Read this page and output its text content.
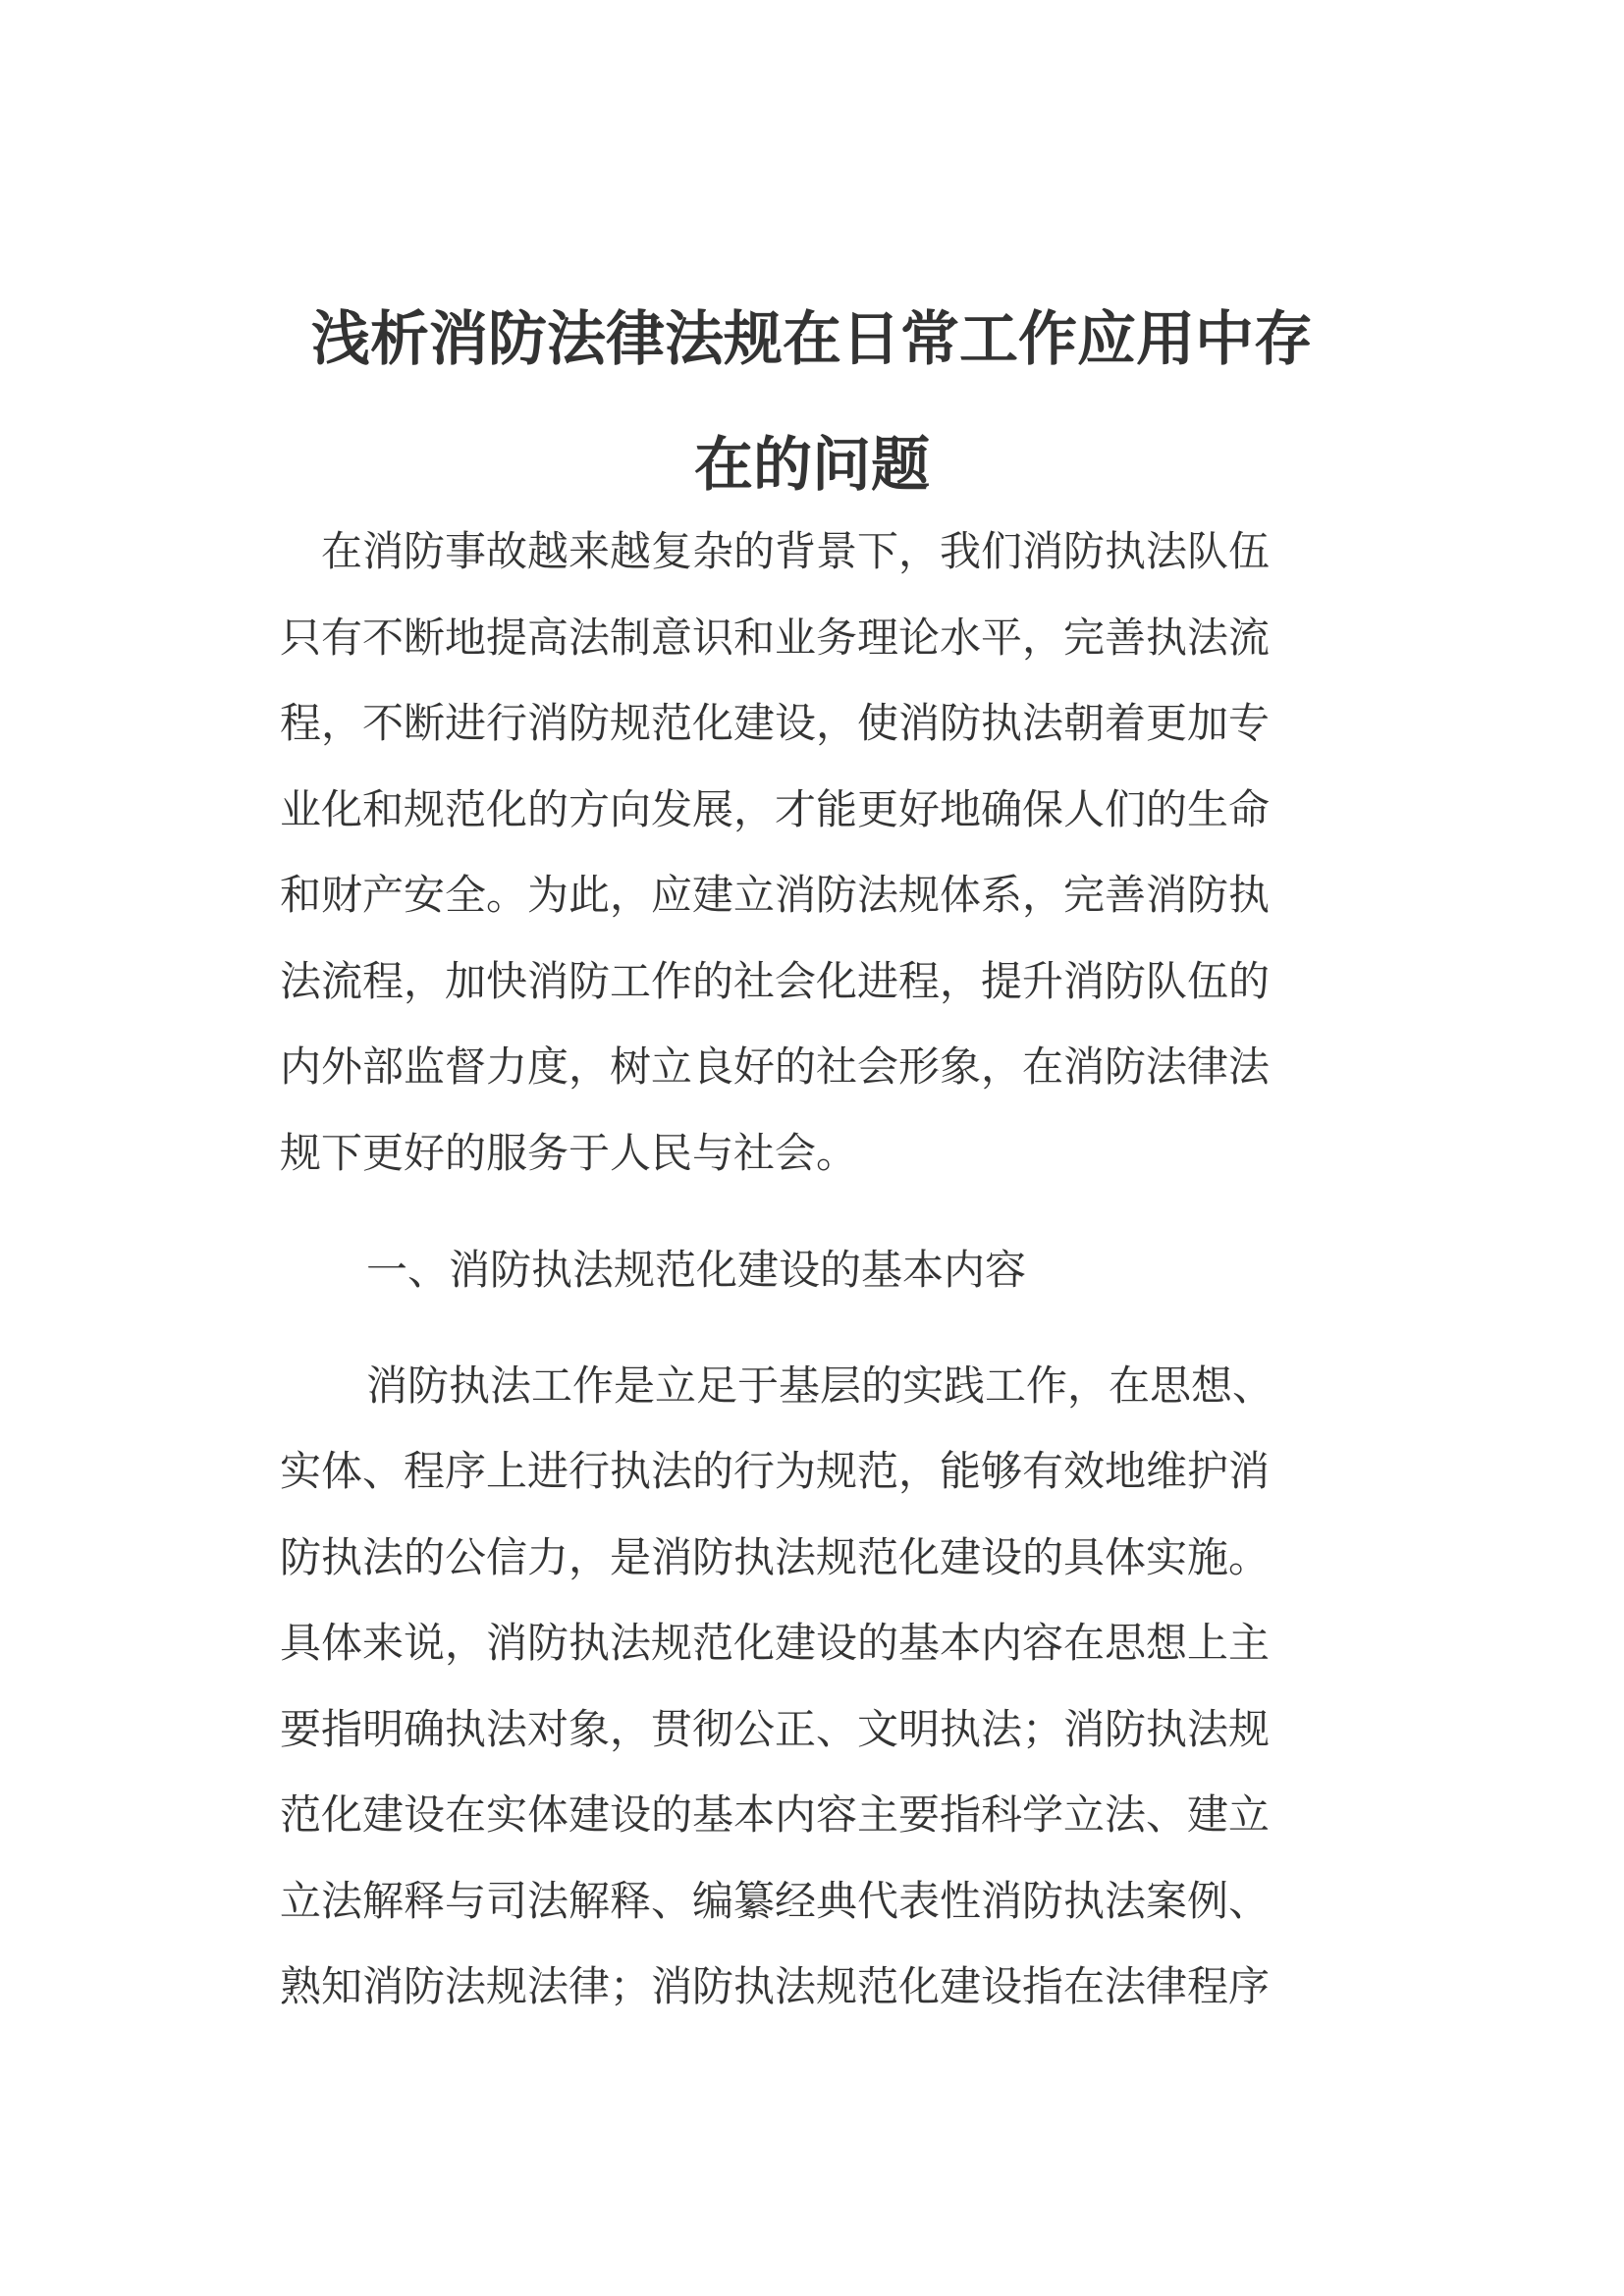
浅析消防法律法规在日常工作应用中存
在的问题

在消防事故越来越复杂的背景下，我们消防执法队伍
只有不断地提高法制意识和业务理论水平，完善执法流
程，不断进行消防规范化建设，使消防执法朝着更加专
业化和规范化的方向发展，才能更好地确保人们的生命
和财产安全。为此，应建立消防法规体系，完善消防执
法流程，加快消防工作的社会化进程，提升消防队伍的
内外部监督力度，树立良好的社会形象，在消防法律法
规下更好的服务于人民与社会。

一、消防执法规范化建设的基本内容

消防执法工作是立足于基层的实践工作，在思想、
实体、程序上进行执法的行为规范，能够有效地维护消
防执法的公信力，是消防执法规范化建设的具体实施。
具体来说，消防执法规范化建设的基本内容在思想上主
要指明确执法对象，贯彻公正、文明执法；消防执法规
范化建设在实体建设的基本内容主要指科学立法、建立
立法解释与司法解释、编纂经典代表性消防执法案例、
熟知消防法规法律；消防执法规范化建设指在法律程序
